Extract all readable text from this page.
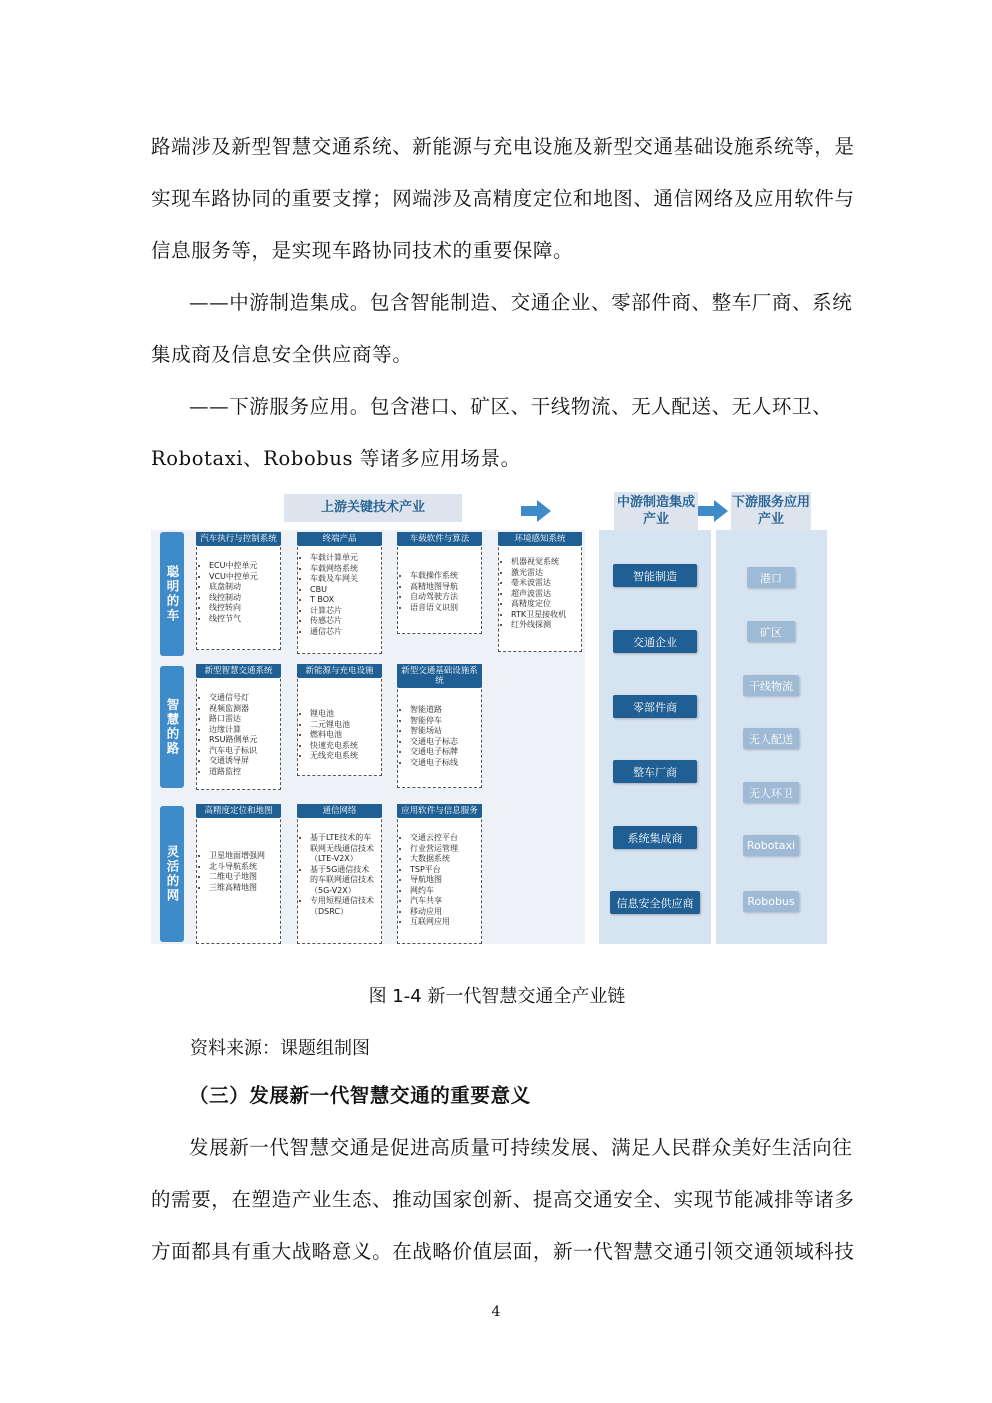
路端涉及新型智慧交通系统、新能源与充电设施及新型交通基础设施系统等，是
实现车路协同的重要支撑；网端涉及高精度定位和地图、通信网络及应用软件与
信息服务等，是实现车路协同技术的重要保障。
——中游制造集成。包含智能制造、交通企业、零部件商、整车厂商、系统
集成商及信息安全供应商等。
——下游服务应用。包含港口、矿区、干线物流、无人配送、无人环卫、
Robotaxi、Robobus 等诸多应用场景。
上游关键技术产业
聪明的车
智慧的路
灵活的网
汽车执行与控制系统
• ECU中控单元
• VCU中控单元
• 底盘制动
• 线控制动
• 线控转向
• 线控节气
终端产品
• 车载计算单元
• 车载网络系统
• 车载及车网关
• CBU
• T BOX
• 计算芯片
• 传感芯片
• 通信芯片
车载软件与算法
• 车载操作系统
• 高精地图导航
• 自动驾驶方法
• 语音语义识别
环境感知系统
• 机器视觉系统
• 激光雷达
• 毫米波雷达
• 超声波雷达
• 高精度定位
• RTK卫星接收机
• 红外线探测
新型智慧交通系统
• 交通信号灯
• 视频监测器
• 路口雷达
• 边缘计算
• RSU路侧单元
• 汽车电子标识
• 交通诱导屏
• 道路监控
新能源与充电设施
• 锂电池
• 二元锂电池
• 燃料电池
• 快速充电系统
• 无线充电系统
新型交通基础设施系统
• 智能道路
• 智能停车
• 智能场站
• 交通电子标志
• 交通电子标牌
• 交通电子标线
高精度定位和地图
• 卫星地面增强网
• 北斗导航系统
• 二维电子地图
• 三维高精地图
通信网络
• 基于LTE技术的车联网无线通信技术（LTE-V2X）
• 基于5G通信技术的车联网通信技术（5G-V2X）
• 专用短程通信技术（DSRC）
应用软件与信息服务
• 交通云控平台
• 行业营运管理
• 大数据系统
• TSP平台
• 导航地图
• 网约车
• 汽车共享
• 移动应用
• 互联网应用
中游制造集成产业
智能制造
交通企业
零部件商
整车厂商
系统集成商
信息安全供应商
下游服务应用产业
港口
矿区
干线物流
无人配送
无人环卫
Robotaxi
Robobus
图 1-4 新一代智慧交通全产业链
资料来源：课题组制图
（三）发展新一代智慧交通的重要意义
发展新一代智慧交通是促进高质量可持续发展、满足人民群众美好生活向往
的需要，在塑造产业生态、推动国家创新、提高交通安全、实现节能减排等诸多
方面都具有重大战略意义。在战略价值层面，新一代智慧交通引领交通领域科技
4
